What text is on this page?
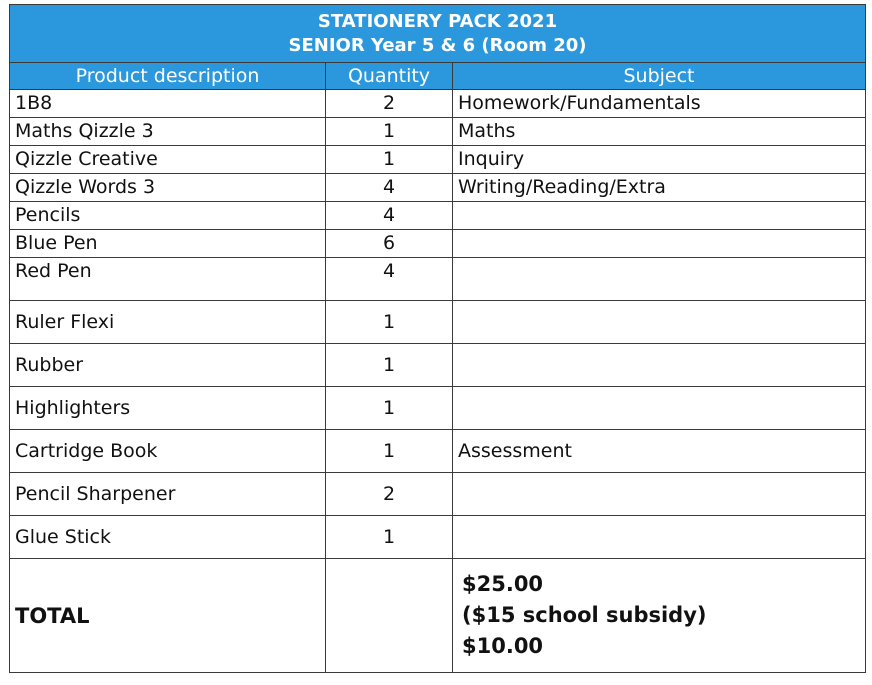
STATIONERY PACK 2021
SENIOR Year 5 & 6 (Room 20)		

Product description	Quantity	Subject
1B8	2	Homework/Fundamentals
Maths Qizzle 3	1	Maths
Qizzle Creative	1	Inquiry
Qizzle Words 3	4	Writing/Reading/Extra
Pencils	4	
Blue Pen	6	
Red Pen	4	
Ruler Flexi	1	
Rubber	1	
Highlighters	1	
Cartridge Book	1	Assessment
Pencil Sharpener	2	
Glue Stick	1	
TOTAL		$25.00
($15 school subsidy)
$10.00
